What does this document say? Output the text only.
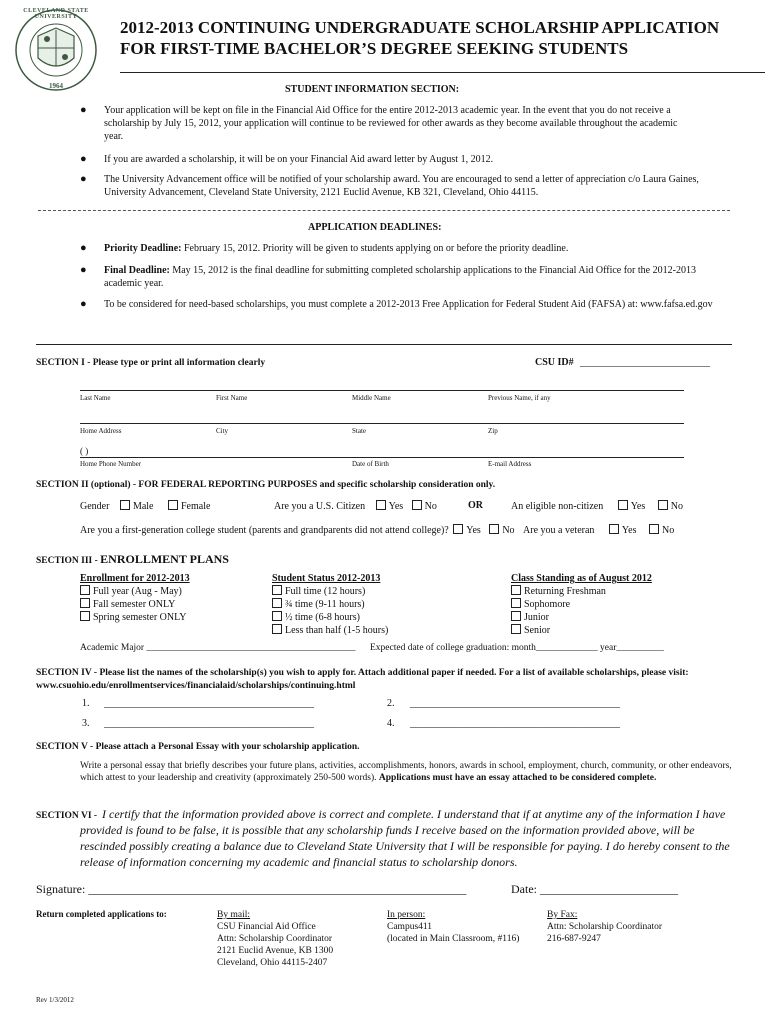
CLEVELAND STATE UNIVERSITY
1964
2012-2013 CONTINUING UNDERGRADUATE SCHOLARSHIP APPLICATION
FOR FIRST-TIME BACHELOR’S DEGREE SEEKING STUDENTS
STUDENT INFORMATION SECTION:
● Your application will be kept on file in the Financial Aid Office for the entire 2012-2013 academic year. In the event that you do not receive a scholarship by July 15, 2012, your application will continue to be reviewed for other awards as they become available throughout the academic year.
● If you are awarded a scholarship, it will be on your Financial Aid award letter by August 1, 2012.
● The University Advancement office will be notified of your scholarship award. You are encouraged to send a letter of appreciation c/o Laura Gaines, University Advancement, Cleveland State University, 2121 Euclid Avenue, KB 321, Cleveland, Ohio 44115.
APPLICATION DEADLINES:
● Priority Deadline: February 15, 2012. Priority will be given to students applying on or before the priority deadline.
● Final Deadline: May 15, 2012 is the final deadline for submitting completed scholarship applications to the Financial Aid Office for the 2012-2013 academic year.
● To be considered for need-based scholarships, you must complete a 2012-2013 Free Application for Federal Student Aid (FAFSA) at: www.fafsa.ed.gov
SECTION I - Please type or print all information clearly	CSU ID# __________________________
Last Name	First Name	Middle Name	Previous Name, if any
Home Address	City	State	Zip
( )
Home Phone Number	Date of Birth	E-mail Address
SECTION II (optional) - FOR FEDERAL REPORTING PURPOSES and specific scholarship consideration only.
Gender Male	Female	Are you a U.S. Citizen Yes No	OR	An eligible non-citizen	Yes	No
Are you a first-generation college student (parents and grandparents did not attend college)? Yes No Are you a veteran	Yes	No
SECTION III - ENROLLMENT PLANS
Enrollment for 2012-2013
Full year (Aug - May)
Fall semester ONLY
Spring semester ONLY
Student Status 2012-2013
Full time (12 hours)
¾ time (9-11 hours)
½ time (6-8 hours)
Less than half (1-5 hours)
Class Standing as of August 2012
Returning Freshman
Sophomore
Junior
Senior
Academic Major ____________________________________________ Expected date of college graduation: month_____________ year__________
SECTION IV - Please list the names of the scholarship(s) you wish to apply for. Attach additional paper if needed. For a list of available scholarships, please visit:
www.csuohio.edu/enrollmentservices/financialaid/scholarships/continuing.html
1. __________________________________________	2. __________________________________________
3. __________________________________________	4. __________________________________________
SECTION V - Please attach a Personal Essay with your scholarship application.
Write a personal essay that briefly describes your future plans, activities, accomplishments, honors, awards in school, employment, church, community, or other endeavors, which attest to your leadership and creativity (approximately 250-500 words). Applications must have an essay attached to be considered complete.
SECTION VI - I certify that the information provided above is correct and complete. I understand that if at anytime any of the information I have provided is found to be false, it is possible that any scholarship funds I receive based on the information provided above, will be rescinded possibly creating a balance due to Cleveland State University that I will be responsible for paying. I do hereby consent to the release of information concerning my academic and financial status to scholarship donors.
Signature: _______________________________________________________________	Date: _______________________
Return completed applications to:	By mail:
CSU Financial Aid Office
Attn: Scholarship Coordinator
2121 Euclid Avenue, KB 1300
Cleveland, Ohio 44115-2407
In person:
Campus411
(located in Main Classroom, #116)
By Fax:
Attn: Scholarship Coordinator
216-687-9247
Rev 1/3/2012
